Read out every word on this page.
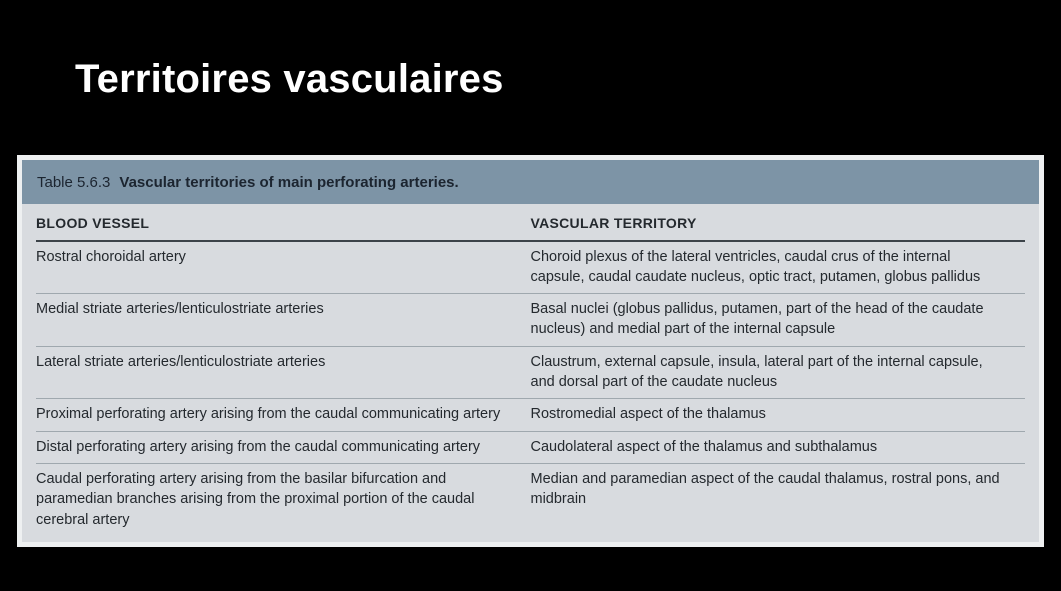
Territoires vasculaires
Table 5.6.3 Vascular territories of main perforating arteries.
BLOOD VESSEL	VASCULAR TERRITORY
Rostral choroidal artery	Choroid plexus of the lateral ventricles, caudal crus of the internal capsule, caudal caudate nucleus, optic tract, putamen, globus pallidus
Medial striate arteries/lenticulostriate arteries	Basal nuclei (globus pallidus, putamen, part of the head of the caudate nucleus) and medial part of the internal capsule
Lateral striate arteries/lenticulostriate arteries	Claustrum, external capsule, insula, lateral part of the internal capsule, and dorsal part of the caudate nucleus
Proximal perforating artery arising from the caudal communicating artery	Rostromedial aspect of the thalamus
Distal perforating artery arising from the caudal communicating artery	Caudolateral aspect of the thalamus and subthalamus
Caudal perforating artery arising from the basilar bifurcation and paramedian branches arising from the proximal portion of the caudal cerebral artery	Median and paramedian aspect of the caudal thalamus, rostral pons, and midbrain
